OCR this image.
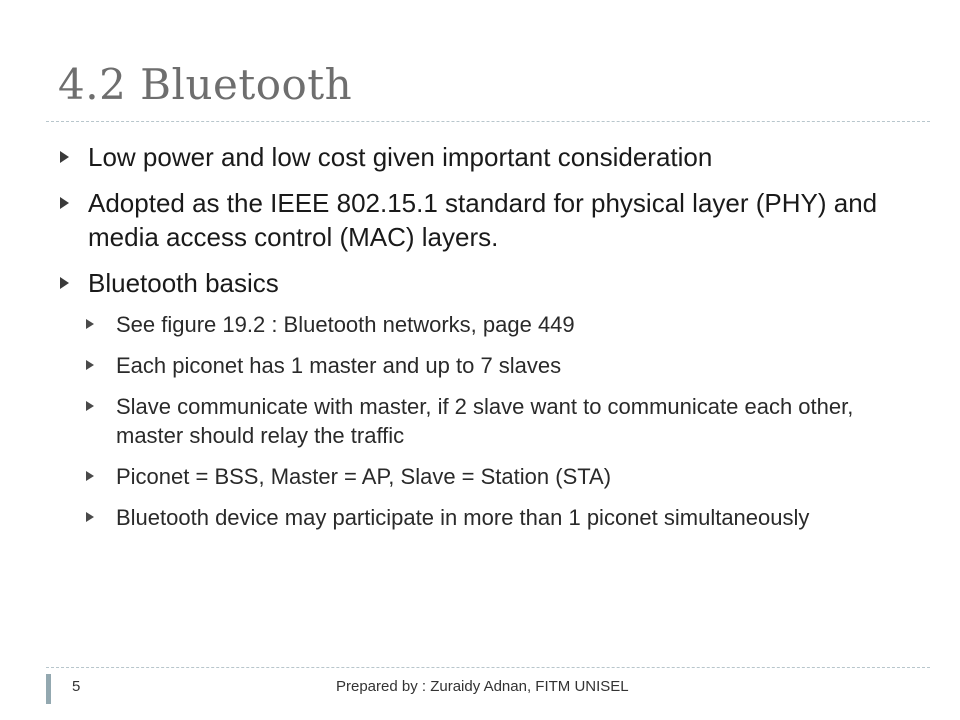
4.2 Bluetooth
Low power and low cost given important consideration
Adopted as the IEEE 802.15.1 standard for physical layer (PHY) and media access control (MAC) layers.
Bluetooth basics
See figure 19.2 : Bluetooth networks, page 449
Each piconet has 1 master and up to 7 slaves
Slave communicate with master, if 2 slave want to communicate each other, master should relay the traffic
Piconet = BSS, Master = AP, Slave = Station (STA)
Bluetooth device may participate in more than 1 piconet simultaneously
5	Prepared by : Zuraidy Adnan, FITM UNISEL
